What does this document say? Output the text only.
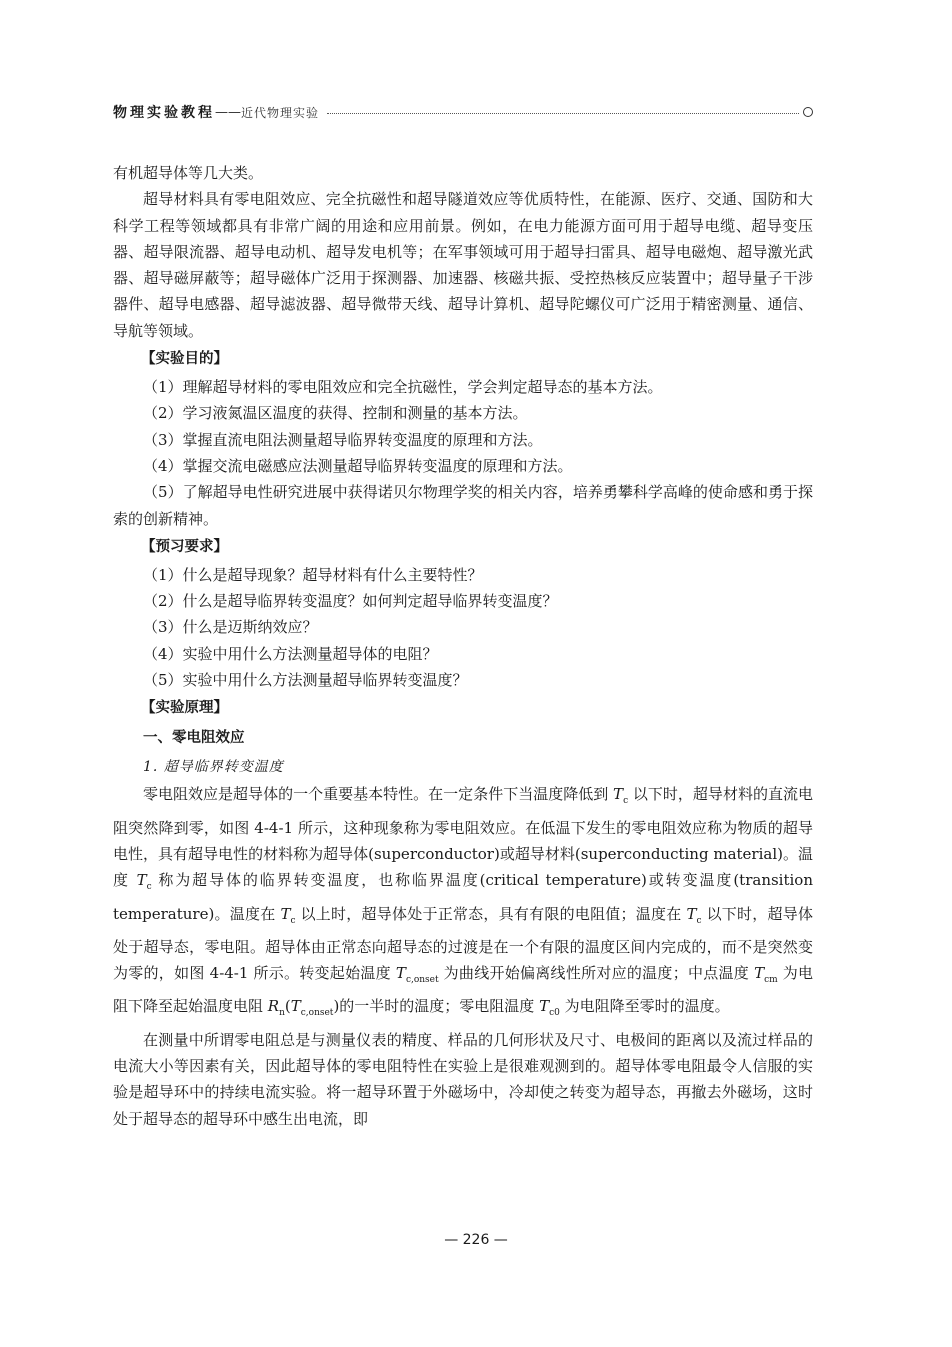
物理实验教程 —— 近代物理实验

有机超导体等几大类。

超导材料具有零电阻效应、完全抗磁性和超导隧道效应等优质特性，在能源、医疗、交通、国防和大科学工程等领域都具有非常广阔的用途和应用前景。例如，在电力能源方面可用于超导电缆、超导变压器、超导限流器、超导电动机、超导发电机等；在军事领域可用于超导扫雷具、超导电磁炮、超导激光武器、超导磁屏蔽等；超导磁体广泛用于探测器、加速器、核磁共振、受控热核反应装置中；超导量子干涉器件、超导电感器、超导滤波器、超导微带天线、超导计算机、超导陀螺仪可广泛用于精密测量、通信、导航等领域。

【实验目的】

（1）理解超导材料的零电阻效应和完全抗磁性，学会判定超导态的基本方法。

（2）学习液氮温区温度的获得、控制和测量的基本方法。

（3）掌握直流电阻法测量超导临界转变温度的原理和方法。

（4）掌握交流电磁感应法测量超导临界转变温度的原理和方法。

（5）了解超导电性研究进展中获得诺贝尔物理学奖的相关内容，培养勇攀科学高峰的使命感和勇于探索的创新精神。

【预习要求】

（1）什么是超导现象？超导材料有什么主要特性？

（2）什么是超导临界转变温度？如何判定超导临界转变温度？

（3）什么是迈斯纳效应？

（4）实验中用什么方法测量超导体的电阻？

（5）实验中用什么方法测量超导临界转变温度？

【实验原理】

一、零电阻效应

1. 超导临界转变温度

零电阻效应是超导体的一个重要基本特性。在一定条件下当温度降低到 $T_c$ 以下时，超导材料的直流电阻突然降到零，如图 4-4-1 所示，这种现象称为零电阻效应。在低温下发生的零电阻效应称为物质的超导电性，具有超导电性的材料称为超导体(superconductor)或超导材料(superconducting material)。温度 $T_c$ 称为超导体的临界转变温度，也称临界温度(critical temperature)或转变温度(transition temperature)。温度在 $T_c$ 以上时，超导体处于正常态，具有有限的电阻值；温度在 $T_c$ 以下时，超导体处于超导态，零电阻。超导体由正常态向超导态的过渡是在一个有限的温度区间内完成的，而不是突然变为零的，如图 4-4-1 所示。转变起始温度 $T_{c,onset}$ 为曲线开始偏离线性所对应的温度；中点温度 $T_{cm}$ 为电阻下降至起始温度电阻 $R_n(T_{c,onset})$的一半时的温度；零电阻温度 $T_{c0}$ 为电阻降至零时的温度。

在测量中所谓零电阻总是与测量仪表的精度、样品的几何形状及尺寸、电极间的距离以及流过样品的电流大小等因素有关，因此超导体的零电阻特性在实验上是很难观测到的。超导体零电阻最令人信服的实验是超导环中的持续电流实验。将一超导环置于外磁场中，冷却使之转变为超导态，再撤去外磁场，这时处于超导态的超导环中感生出电流，即

— 226 —
